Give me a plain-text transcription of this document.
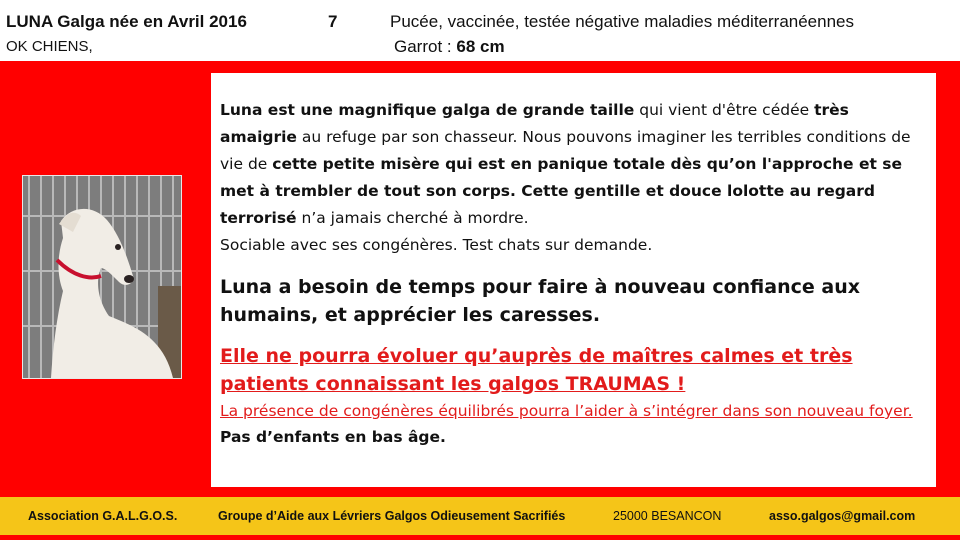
LUNA Galga née en Avril 2016	7	Pucée, vaccinée, testée négative maladies méditerranéennes
OK CHIENS,	Garrot : 68 cm
Luna est une magnifique galga de grande taille qui vient d'être cédée très amaigrie au refuge par son chasseur. Nous pouvons imaginer les terribles conditions de vie de cette petite misère qui est en panique totale dès qu’on l'approche et se met à trembler de tout son corps. Cette gentille et douce lolotte au regard terrorisé n’a jamais cherché à mordre.
Sociable avec ses congénères. Test chats sur demande.
Luna a besoin de temps pour faire à nouveau confiance aux humains, et apprécier les caresses.
Elle ne pourra évoluer qu’auprès de maîtres calmes et très patients connaissant les galgos TRAUMAS !
La présence de congénères équilibrés pourra l’aider à s’intégrer dans son nouveau foyer. Pas d’enfants en bas âge.
Association G.A.L.G.O.S.	Groupe d’Aide aux Lévriers Galgos Odieusement Sacrifiés	25000 BESANCON	asso.galgos@gmail.com
